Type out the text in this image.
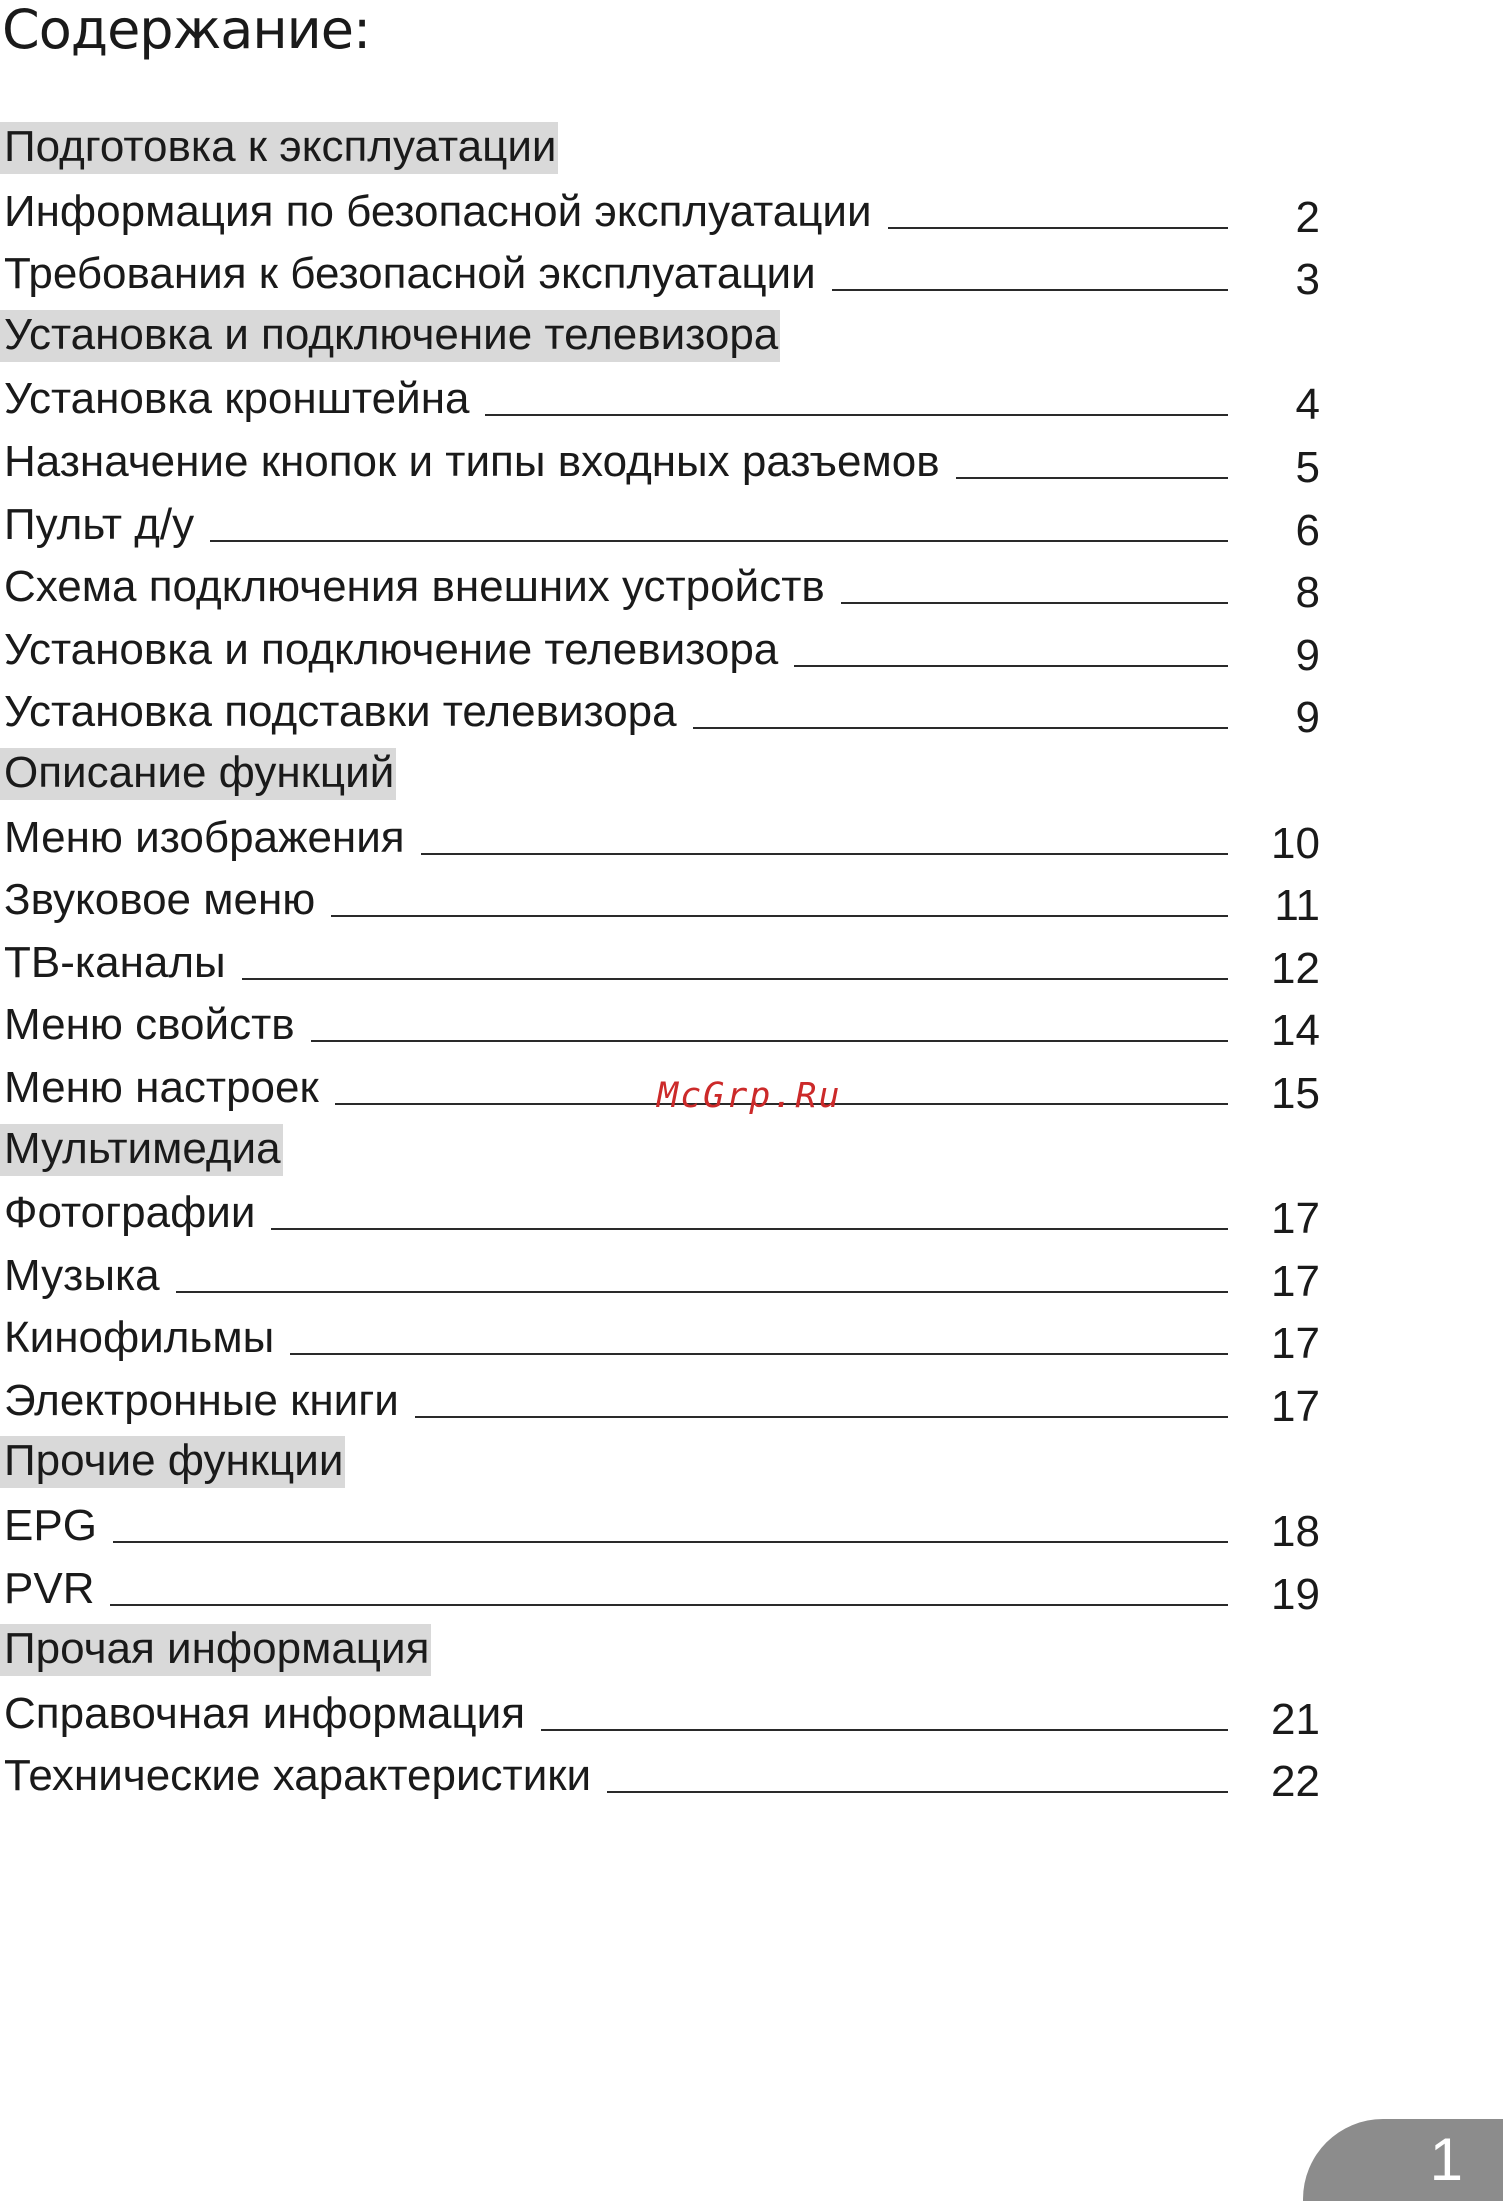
Содержание:
Подготовка к эксплуатации
Информация по безопасной эксплуатации	2
Требования к безопасной эксплуатации	3
Установка и подключение телевизора
Установка кронштейна	4
Назначение кнопок и типы входных разъемов	5
Пульт д/у	6
Схема подключения внешних устройств	8
Установка и подключение телевизора	9
Установка подставки телевизора	9
Описание функций
Меню изображения	10
Звуковое меню	11
ТВ-каналы	12
Меню свойств	14
Меню настроек	15
Мультимедиа
Фотографии	17
Музыка	17
Кинофильмы	17
Электронные книги	17
Прочие функции
EPG	18
PVR	19
Прочая информация
Справочная информация	21
Технические характеристики	22
McGrp.Ru
1
